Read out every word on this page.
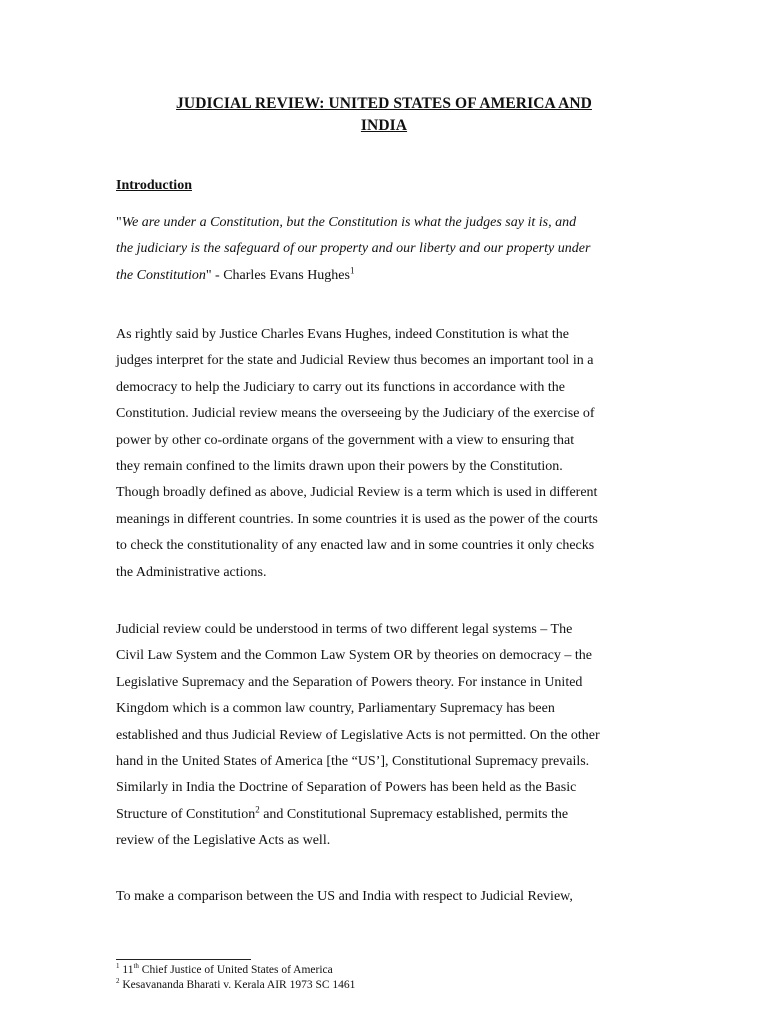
JUDICIAL REVIEW: UNITED STATES OF AMERICA AND
INDIA
Introduction
"We are under a Constitution, but the Constitution is what the judges say it is, and
the judiciary is the safeguard of our property and our liberty and our property under
the Constitution" - Charles Evans Hughes$^1$
As rightly said by Justice Charles Evans Hughes, indeed Constitution is what the
judges interpret for the state and Judicial Review thus becomes an important tool in a
democracy to help the Judiciary to carry out its functions in accordance with the
Constitution. Judicial review means the overseeing by the Judiciary of the exercise of
power by other co-ordinate organs of the government with a view to ensuring that
they remain confined to the limits drawn upon their powers by the Constitution.
Though broadly defined as above, Judicial Review is a term which is used in different
meanings in different countries. In some countries it is used as the power of the courts
to check the constitutionality of any enacted law and in some countries it only checks
the Administrative actions.
Judicial review could be understood in terms of two different legal systems – The
Civil Law System and the Common Law System OR by theories on democracy – the
Legislative Supremacy and the Separation of Powers theory. For instance in United
Kingdom which is a common law country, Parliamentary Supremacy has been
established and thus Judicial Review of Legislative Acts is not permitted. On the other
hand in the United States of America [the “US’], Constitutional Supremacy prevails.
Similarly in India the Doctrine of Separation of Powers has been held as the Basic
Structure of Constitution$^2$ and Constitutional Supremacy established, permits the
review of the Legislative Acts as well.
To make a comparison between the US and India with respect to Judicial Review,
$^1$ 11th Chief Justice of United States of America
$^2$ Kesavananda Bharati v. Kerala AIR 1973 SC 1461
